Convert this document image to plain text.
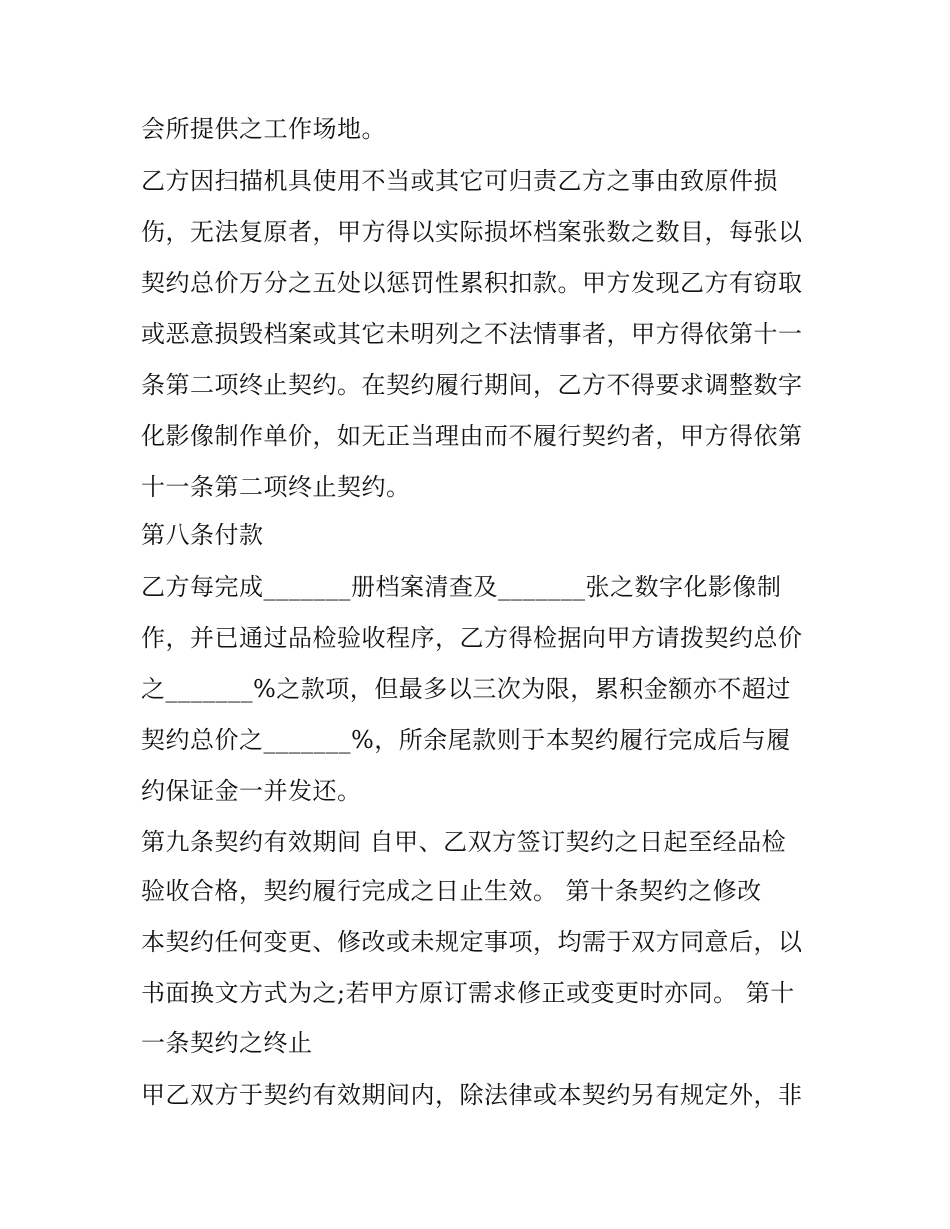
会所提供之工作场地。
乙方因扫描机具使用不当或其它可归责乙方之事由致原件损
伤，无法复原者，甲方得以实际损坏档案张数之数目，每张以
契约总价万分之五处以惩罚性累积扣款。甲方发现乙方有窃取
或恶意损毁档案或其它未明列之不法情事者，甲方得依第十一
条第二项终止契约。在契约履行期间，乙方不得要求调整数字
化影像制作单价，如无正当理由而不履行契约者，甲方得依第
十一条第二项终止契约。
第八条付款
乙方每完成_______册档案清查及_______张之数字化影像制
作，并已通过品检验收程序，乙方得检据向甲方请拨契约总价
之_______%之款项，但最多以三次为限，累积金额亦不超过
契约总价之_______%，所余尾款则于本契约履行完成后与履
约保证金一并发还。
第九条契约有效期间 自甲、乙双方签订契约之日起至经品检
验收合格，契约履行完成之日止生效。 第十条契约之修改
本契约任何变更、修改或未规定事项，均需于双方同意后，以
书面换文方式为之;若甲方原订需求修正或变更时亦同。 第十
一条契约之终止
甲乙双方于契约有效期间内，除法律或本契约另有规定外，非
